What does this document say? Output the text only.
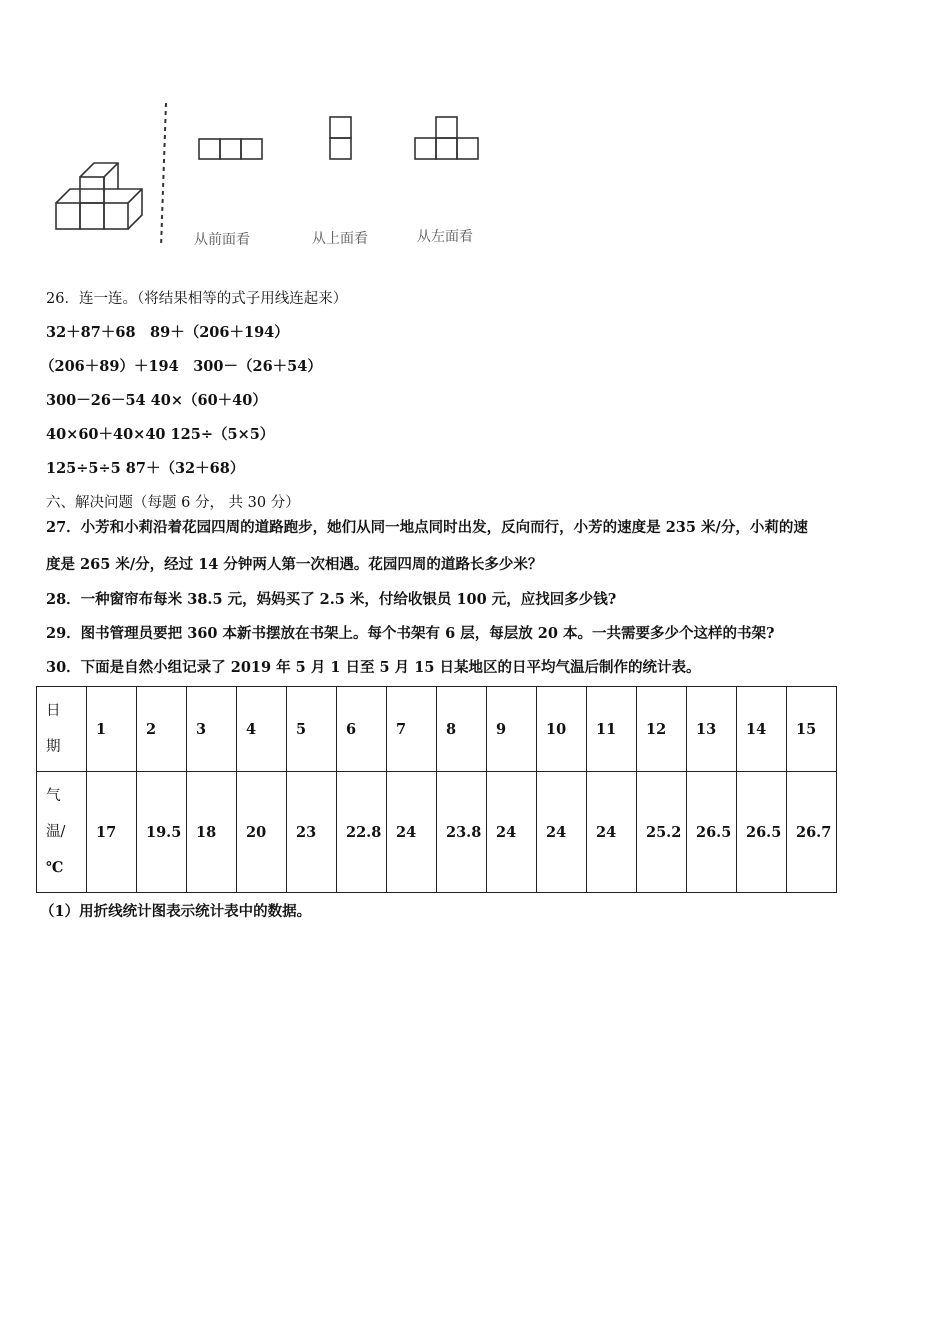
从前面看	从上面看	从左面看
26．连一连。（将结果相等的式子用线连起来）
32＋87＋68　89＋（206＋194）
（206＋89）＋194　300－（26＋54）
300－26－54 40×（60＋40）
40×60＋40×40 125÷（5×5）
125÷5÷5 87＋（32＋68）
六、解决问题（每题 6 分， 共 30 分）
27．小芳和小莉沿着花园四周的道路跑步，她们从同一地点同时出发，反向而行，小芳的速度是 235 米/分，小莉的速
度是 265 米/分，经过 14 分钟两人第一次相遇。花园四周的道路长多少米？
28．一种窗帘布每米 38.5 元，妈妈买了 2.5 米，付给收银员 100 元，应找回多少钱?
29．图书管理员要把 360 本新书摆放在书架上。每个书架有 6 层，每层放 20 本。一共需要多少个这样的书架?
30．下面是自然小组记录了 2019 年 5 月 1 日至 5 月 15 日某地区的日平均气温后制作的统计表。
日
期	1	2	3	4	5	6	7	8	9	10	11	12	13	14	15
气
温/
℃	17	19.5	18	20	23	22.8	24	23.8	24	24	24	25.2	26.5	26.5	26.7
（1）用折线统计图表示统计表中的数据。
